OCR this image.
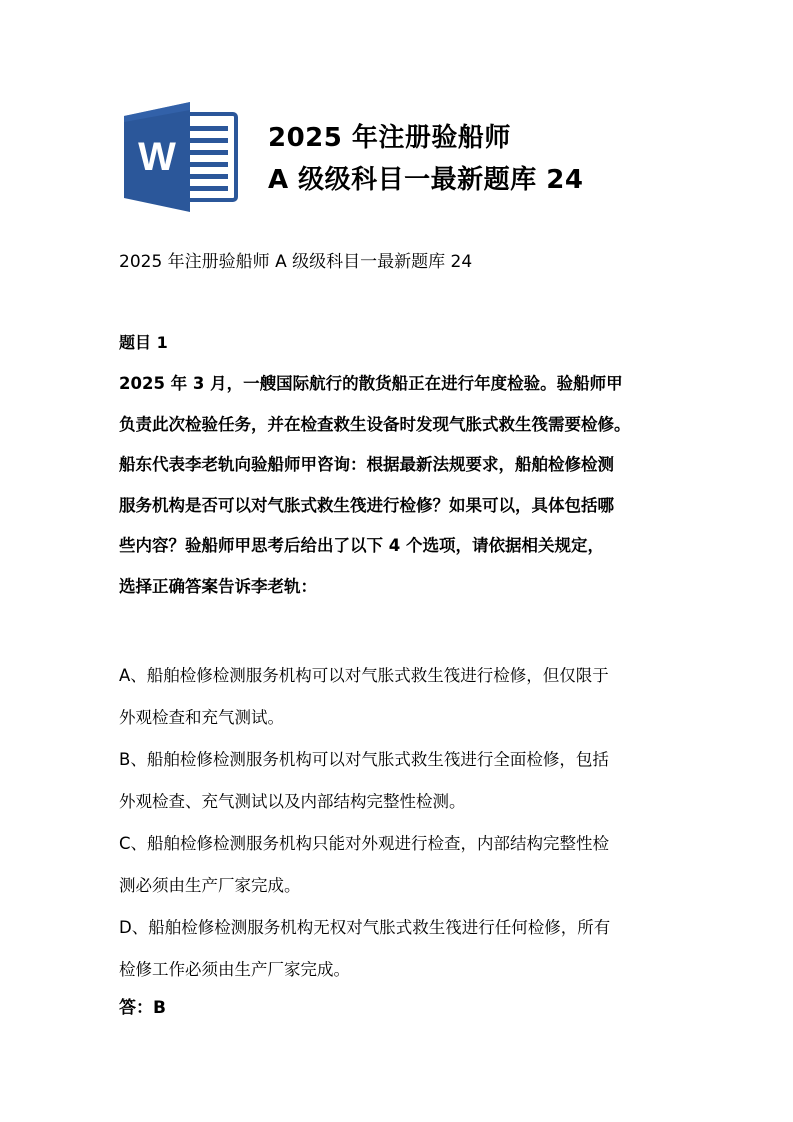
W	2025 年注册验船师
A 级级科目一最新题库 24
2025 年注册验船师 A 级级科目一最新题库 24
题目 1
2025 年 3 月，一艘国际航行的散货船正在进行年度检验。验船师甲
负责此次检验任务，并在检查救生设备时发现气胀式救生筏需要检修。
船东代表李老轨向验船师甲咨询：根据最新法规要求，船舶检修检测
服务机构是否可以对气胀式救生筏进行检修？如果可以，具体包括哪
些内容？验船师甲思考后给出了以下 4 个选项，请依据相关规定，
选择正确答案告诉李老轨：
A、船舶检修检测服务机构可以对气胀式救生筏进行检修，但仅限于
外观检查和充气测试。
B、船舶检修检测服务机构可以对气胀式救生筏进行全面检修，包括
外观检查、充气测试以及内部结构完整性检测。
C、船舶检修检测服务机构只能对外观进行检查，内部结构完整性检
测必须由生产厂家完成。
D、船舶检修检测服务机构无权对气胀式救生筏进行任何检修，所有
检修工作必须由生产厂家完成。
答：B
